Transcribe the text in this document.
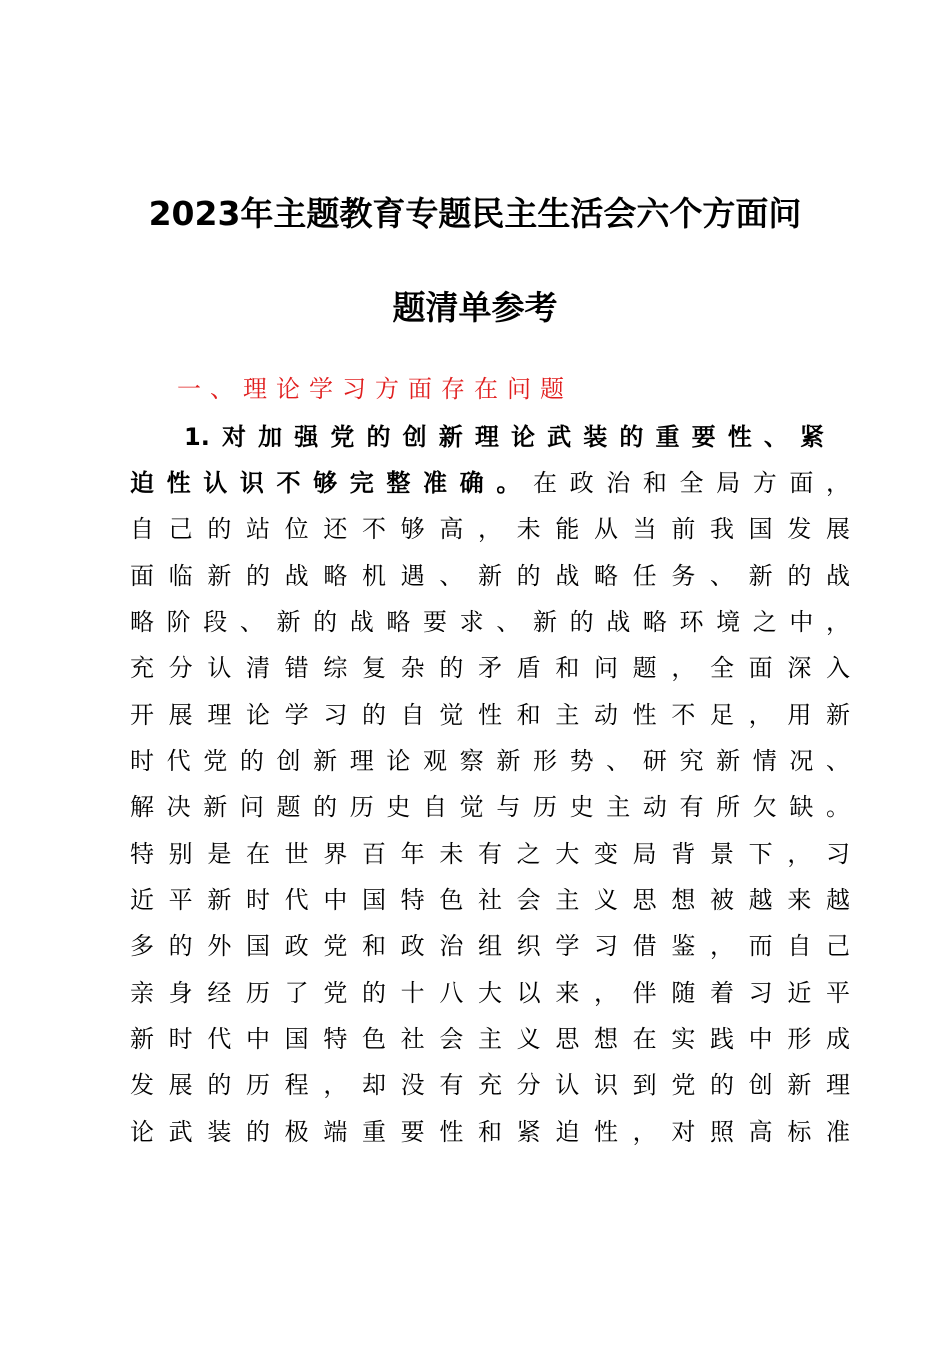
2023年主题教育专题民主生活会六个方面问
题清单参考
一、理论学习方面存在问题
1.对加强党的创新理论武装的重要性、紧
迫性认识不够完整准确。在政治和全局方面，
自己的站位还不够高，未能从当前我国发展
面临新的战略机遇、新的战略任务、新的战
略阶段、新的战略要求、新的战略环境之中，
充分认清错综复杂的矛盾和问题，全面深入
开展理论学习的自觉性和主动性不足，用新
时代党的创新理论观察新形势、研究新情况、
解决新问题的历史自觉与历史主动有所欠缺。
特别是在世界百年未有之大变局背景下，习
近平新时代中国特色社会主义思想被越来越
多的外国政党和政治组织学习借鉴，而自己
亲身经历了党的十八大以来，伴随着习近平
新时代中国特色社会主义思想在实践中形成
发展的历程，却没有充分认识到党的创新理
论武装的极端重要性和紧迫性，对照高标准
